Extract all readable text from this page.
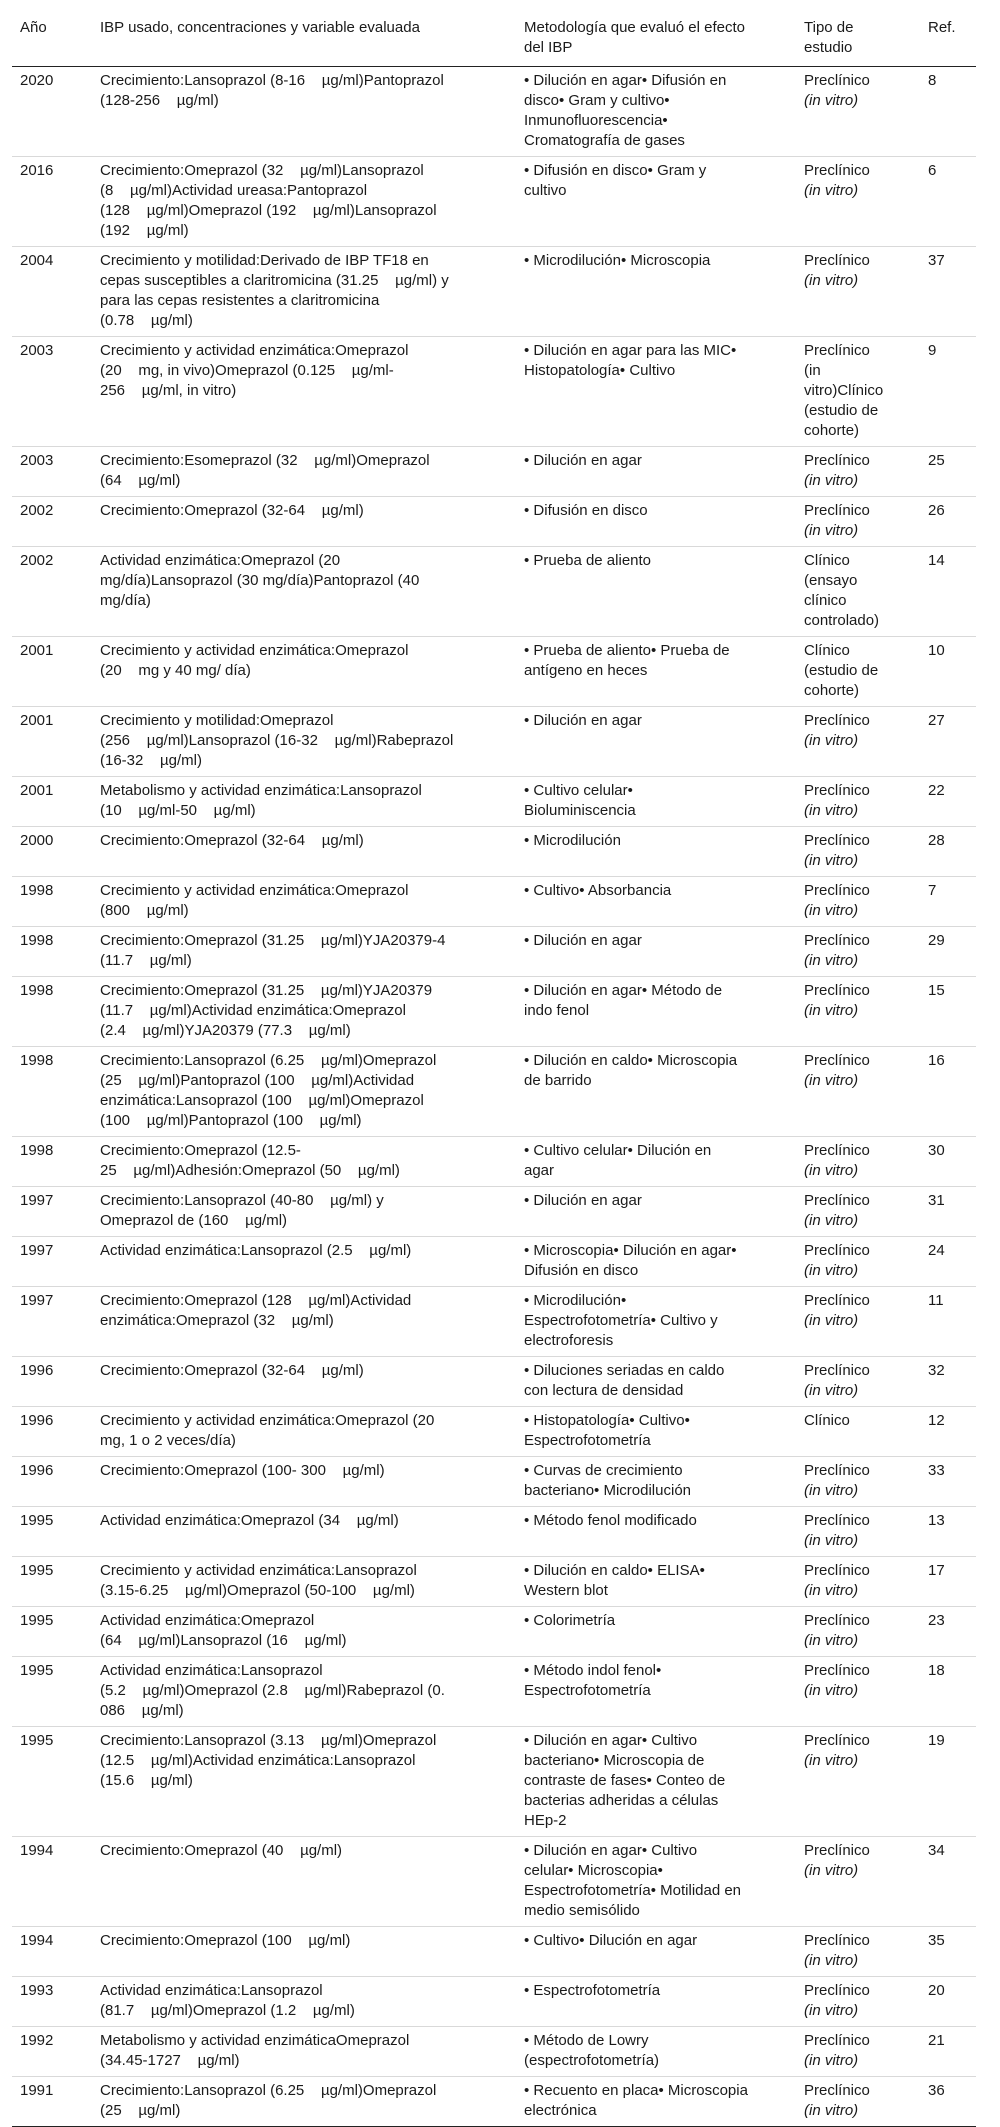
Año	IBP usado, concentraciones y variable evaluada	Metodología que evaluó el efecto
del IBP	Tipo de
estudio	Ref.
2020	Crecimiento:Lansoprazol (8-16    µg/ml)Pantoprazol
(128-256    µg/ml)	• Dilución en agar• Difusión en
disco• Gram y cultivo•
Inmunofluorescencia•
Cromatografía de gases	Preclínico
(in vitro)	8
2016	Crecimiento:Omeprazol (32    µg/ml)Lansoprazol
(8    µg/ml)Actividad ureasa:Pantoprazol
(128    µg/ml)Omeprazol (192    µg/ml)Lansoprazol
(192    µg/ml)	• Difusión en disco• Gram y
cultivo	Preclínico
(in vitro)	6
2004	Crecimiento y motilidad:Derivado de IBP TF18 en
cepas susceptibles a claritromicina (31.25    µg/ml) y
para las cepas resistentes a claritromicina
(0.78    µg/ml)	• Microdilución• Microscopia	Preclínico
(in vitro)	37
2003	Crecimiento y actividad enzimática:Omeprazol
(20    mg, in vivo)Omeprazol (0.125    µg/ml-
256    µg/ml, in vitro)	• Dilución en agar para las MIC•
Histopatología• Cultivo	Preclínico
(in
vitro)Clínico
(estudio de
cohorte)	9
2003	Crecimiento:Esomeprazol (32    µg/ml)Omeprazol
(64    µg/ml)	• Dilución en agar	Preclínico
(in vitro)	25
2002	Crecimiento:Omeprazol (32-64    µg/ml)	• Difusión en disco	Preclínico
(in vitro)	26
2002	Actividad enzimática:Omeprazol (20
mg/día)Lansoprazol (30 mg/día)Pantoprazol (40
mg/día)	• Prueba de aliento	Clínico
(ensayo
clínico
controlado)	14
2001	Crecimiento y actividad enzimática:Omeprazol
(20    mg y 40 mg/ día)	• Prueba de aliento• Prueba de
antígeno en heces	Clínico
(estudio de
cohorte)	10
2001	Crecimiento y motilidad:Omeprazol
(256    µg/ml)Lansoprazol (16-32    µg/ml)Rabeprazol
(16-32    µg/ml)	• Dilución en agar	Preclínico
(in vitro)	27
2001	Metabolismo y actividad enzimática:Lansoprazol
(10    µg/ml-50    µg/ml)	• Cultivo celular•
Bioluminiscencia	Preclínico
(in vitro)	22
2000	Crecimiento:Omeprazol (32-64    µg/ml)	• Microdilución	Preclínico
(in vitro)	28
1998	Crecimiento y actividad enzimática:Omeprazol
(800    µg/ml)	• Cultivo• Absorbancia	Preclínico
(in vitro)	7
1998	Crecimiento:Omeprazol (31.25    µg/ml)YJA20379-4
(11.7    µg/ml)	• Dilución en agar	Preclínico
(in vitro)	29
1998	Crecimiento:Omeprazol (31.25    µg/ml)YJA20379
(11.7    µg/ml)Actividad enzimática:Omeprazol
(2.4    µg/ml)YJA20379 (77.3    µg/ml)	• Dilución en agar• Método de
indo fenol	Preclínico
(in vitro)	15
1998	Crecimiento:Lansoprazol (6.25    µg/ml)Omeprazol
(25    µg/ml)Pantoprazol (100    µg/ml)Actividad
enzimática:Lansoprazol (100    µg/ml)Omeprazol
(100    µg/ml)Pantoprazol (100    µg/ml)	• Dilución en caldo• Microscopia
de barrido	Preclínico
(in vitro)	16
1998	Crecimiento:Omeprazol (12.5-
25    µg/ml)Adhesión:Omeprazol (50    µg/ml)	• Cultivo celular• Dilución en
agar	Preclínico
(in vitro)	30
1997	Crecimiento:Lansoprazol (40-80    µg/ml) y
Omeprazol de (160    µg/ml)	• Dilución en agar	Preclínico
(in vitro)	31
1997	Actividad enzimática:Lansoprazol (2.5    µg/ml)	• Microscopia• Dilución en agar•
Difusión en disco	Preclínico
(in vitro)	24
1997	Crecimiento:Omeprazol (128    µg/ml)Actividad
enzimática:Omeprazol (32    µg/ml)	• Microdilución•
Espectrofotometría• Cultivo y
electroforesis	Preclínico
(in vitro)	11
1996	Crecimiento:Omeprazol (32-64    µg/ml)	• Diluciones seriadas en caldo
con lectura de densidad	Preclínico
(in vitro)	32
1996	Crecimiento y actividad enzimática:Omeprazol (20
mg, 1 o 2 veces/día)	• Histopatología• Cultivo•
Espectrofotometría	Clínico	12
1996	Crecimiento:Omeprazol (100- 300    µg/ml)	• Curvas de crecimiento
bacteriano• Microdilución	Preclínico
(in vitro)	33
1995	Actividad enzimática:Omeprazol (34    µg/ml)	• Método fenol modificado	Preclínico
(in vitro)	13
1995	Crecimiento y actividad enzimática:Lansoprazol
(3.15-6.25    µg/ml)Omeprazol (50-100    µg/ml)	• Dilución en caldo• ELISA•
Western blot	Preclínico
(in vitro)	17
1995	Actividad enzimática:Omeprazol
(64    µg/ml)Lansoprazol (16    µg/ml)	• Colorimetría	Preclínico
(in vitro)	23
1995	Actividad enzimática:Lansoprazol
(5.2    µg/ml)Omeprazol (2.8    µg/ml)Rabeprazol (0.
086    µg/ml)	• Método indol fenol•
Espectrofotometría	Preclínico
(in vitro)	18
1995	Crecimiento:Lansoprazol (3.13    µg/ml)Omeprazol
(12.5    µg/ml)Actividad enzimática:Lansoprazol
(15.6    µg/ml)	• Dilución en agar• Cultivo
bacteriano• Microscopia de
contraste de fases• Conteo de
bacterias adheridas a células
HEp-2	Preclínico
(in vitro)	19
1994	Crecimiento:Omeprazol (40    µg/ml)	• Dilución en agar• Cultivo
celular• Microscopia•
Espectrofotometría• Motilidad en
medio semisólido	Preclínico
(in vitro)	34
1994	Crecimiento:Omeprazol (100    µg/ml)	• Cultivo• Dilución en agar	Preclínico
(in vitro)	35
1993	Actividad enzimática:Lansoprazol
(81.7    µg/ml)Omeprazol (1.2    µg/ml)	• Espectrofotometría	Preclínico
(in vitro)	20
1992	Metabolismo y actividad enzimáticaOmeprazol
(34.45-1727    µg/ml)	• Método de Lowry
(espectrofotometría)	Preclínico
(in vitro)	21
1991	Crecimiento:Lansoprazol (6.25    µg/ml)Omeprazol
(25    µg/ml)	• Recuento en placa• Microscopia
electrónica	Preclínico
(in vitro)	36
